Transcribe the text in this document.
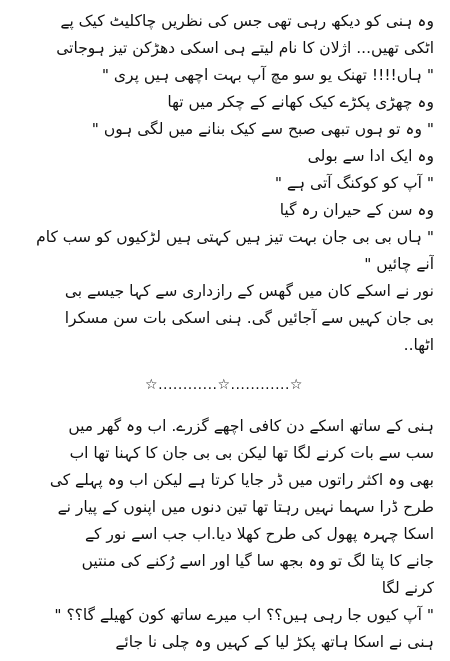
وہ ہنی کو دیکھ رہی تھی جس کی نظریں چاکلیٹ کیک پے
اٹکی تھیں... اژلان کا نام لیتے ہی اسکی دھڑکن تیز ہوجاتی
" ہاں!!!! تھنک یو سو مچ آپ بہت اچھی ہیں پری "
وہ چھڑی پکڑے کیک کھانے کے چکر میں تھا
" وہ تو ہوں تبھی صبح سے کیک بنانے میں لگی ہوں "
وہ ایک ادا سے بولی
" آپ کو کوکنگ آتی ہے "
وہ سن کے حیران رہ گیا
" ہاں بی بی جان بہت تیز ہیں کہتی ہیں لڑکیوں کو سب کام
آنے چائیں "
نور نے اسکے کان میں گھس کے رازداری سے کہا جیسے بی
بی جان کہیں سے آجائیں گی. ہنی اسکی بات سن مسکرا
اٹھا..
☆............☆............☆
ہنی کے ساتھ اسکے دن کافی اچھے گزرے. اب وہ گھر میں
سب سے بات کرنے لگا تھا لیکن بی بی جان کا کہنا تھا اب
بھی وہ اکثر راتوں میں ڈر جایا کرتا ہے لیکن اب وہ پہلے کی
طرح ڈرا سہما نہیں رہتا تھا تین دنوں میں اپنوں کے پیار نے
اسکا چہرہ پھول کی طرح کھلا دیا.اب جب اسے نور کے
جانے کا پتا لگ تو وہ بجھ سا گیا اور اسے رُکنے کی منتیں
کرنے لگا
" آپ کیوں جا رہی ہیں؟؟ اب میرے ساتھ کون کھیلے گا؟؟ "
ہنی نے اسکا ہاتھ پکڑ لیا کے کہیں وہ چلی نا جائے
